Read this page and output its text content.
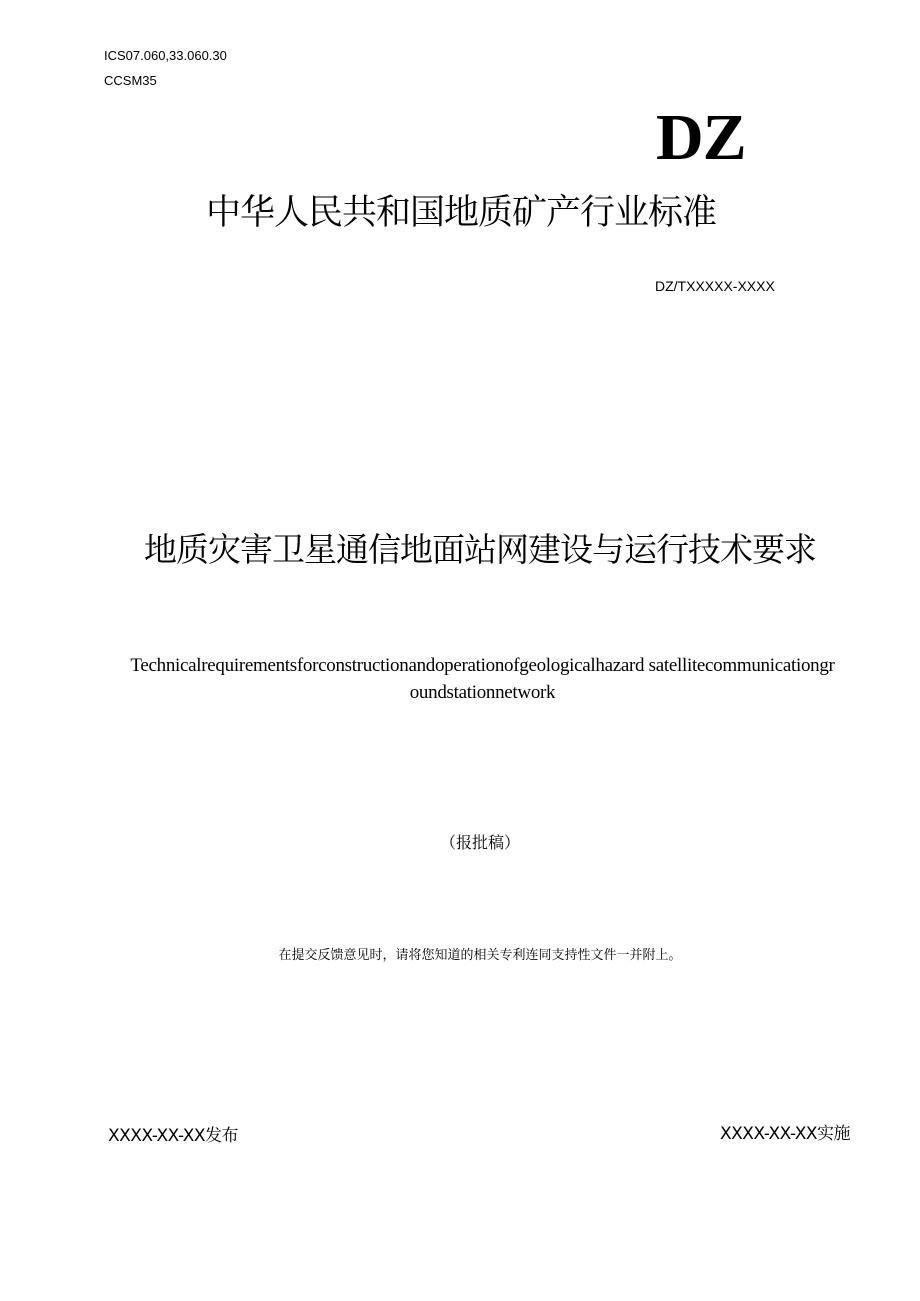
ICS07.060,33.060.30
CCSM35
DZ
中华人民共和国地质矿产行业标准
DZ/TXXXXX-XXXX
地质灾害卫星通信地面站网建设与运行技术要求
Technicalrequirementsforconstructionandoperationofgeologicalhazard satellitecommunicationgroundstationnetwork
（报批稿）
在提交反馈意见时，请将您知道的相关专利连同支持性文件一并附上。
XXXX-XX-XX发布	XXXX-XX-XX实施
